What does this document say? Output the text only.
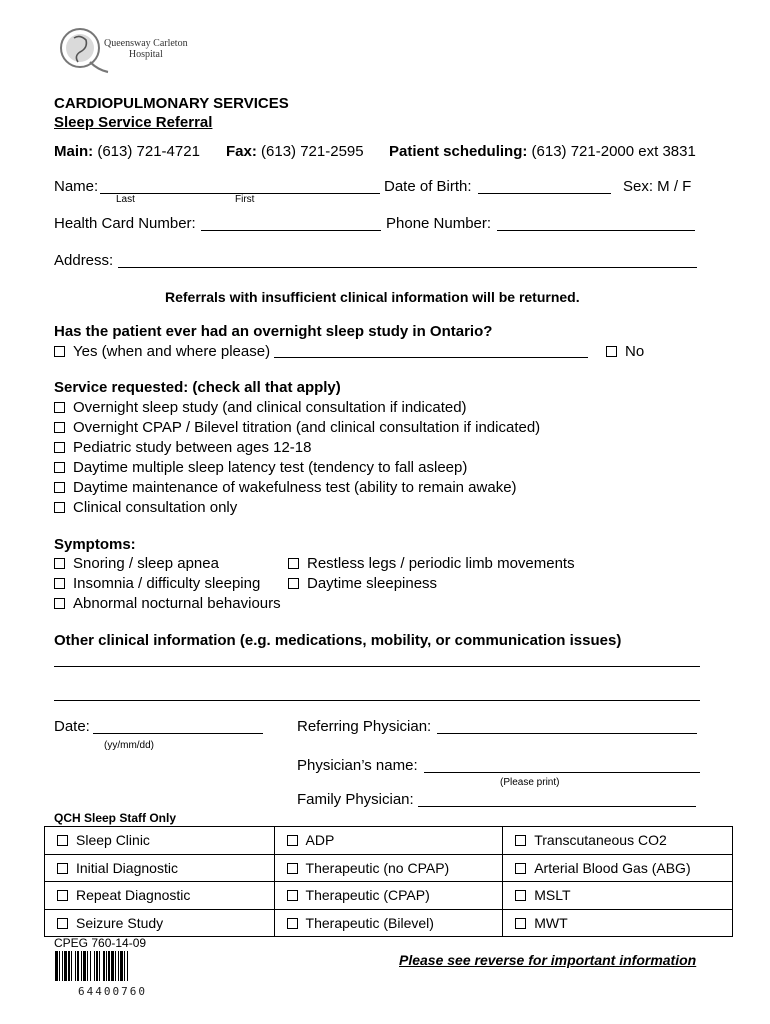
Queensway Carleton
Hospital
CARDIOPULMONARY SERVICES
Sleep Service Referral
Main: (613) 721-4721 Fax: (613) 721-2595 Patient scheduling: (613) 721-2000 ext 3831
Name:
Last	First
Date of Birth:	Sex: M / F
Health Card Number:	Phone Number:
Address:
Referrals with insufficient clinical information will be returned.
Has the patient ever had an overnight sleep study in Ontario?
Yes (when and where please)	No
Service requested: (check all that apply)
Overnight sleep study (and clinical consultation if indicated)
Overnight CPAP / Bilevel titration (and clinical consultation if indicated)
Pediatric study between ages 12-18
Daytime multiple sleep latency test (tendency to fall asleep)
Daytime maintenance of wakefulness test (ability to remain awake)
Clinical consultation only
Symptoms:
Snoring / sleep apnea
Insomnia / difficulty sleeping
Abnormal nocturnal behaviours
Restless legs / periodic limb movements
Daytime sleepiness
Other clinical information (e.g. medications, mobility, or communication issues)
Date:
(yy/mm/dd)
Referring Physician:
Physician’s name:
(Please print)
Family Physician:
QCH Sleep Staff Only
Sleep Clinic	ADP	Transcutaneous CO2
Initial Diagnostic	Therapeutic (no CPAP)	Arterial Blood Gas (ABG)
Repeat Diagnostic	Therapeutic (CPAP)	MSLT
Seizure Study	Therapeutic (Bilevel)	MWT
CPEG 760-14-09
Please see reverse for important information
64400760
